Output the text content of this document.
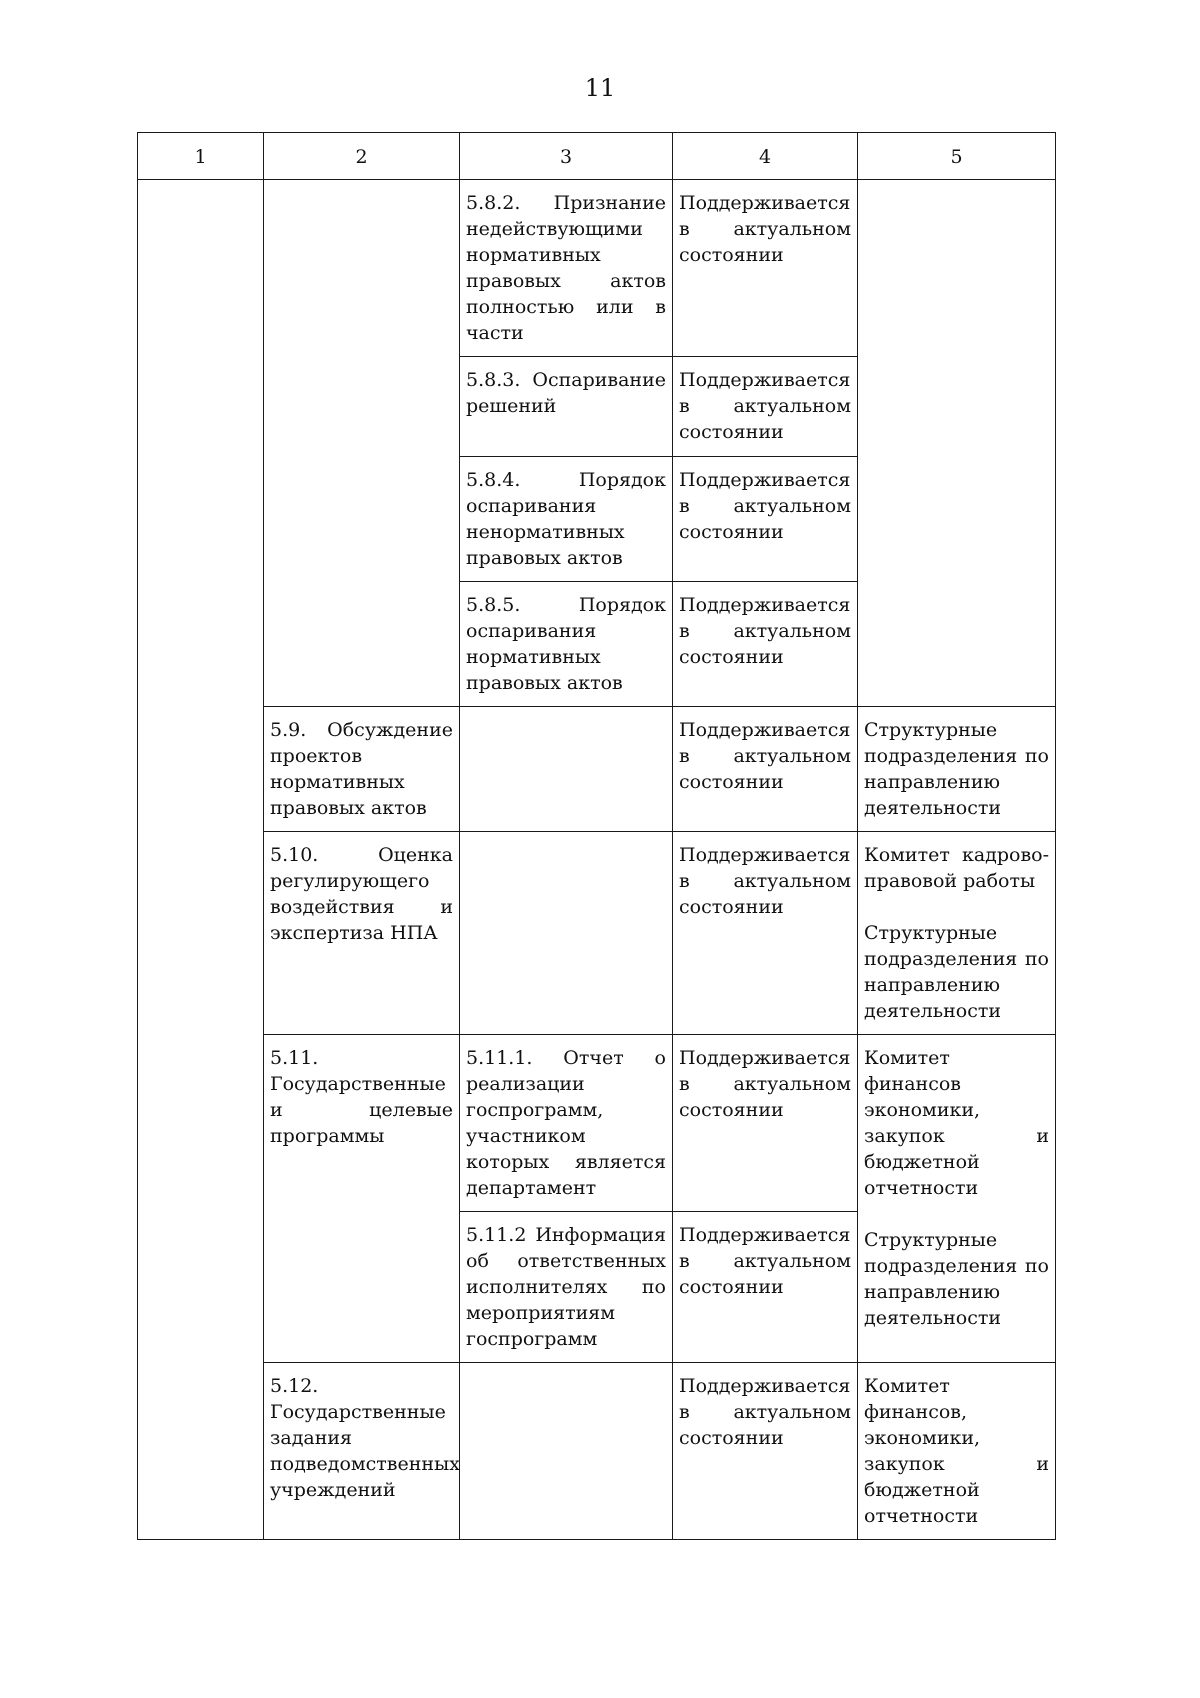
11
1	2	3	4	5
		5.8.2. Признание недействующими нормативных правовых актов полностью или в части	Поддерживается в актуальном состоянии	
		5.8.3. Оспаривание решений	Поддерживается в актуальном состоянии	
		5.8.4. Порядок оспаривания ненормативных правовых актов	Поддерживается в актуальном состоянии	
		5.8.5. Порядок оспаривания нормативных правовых актов	Поддерживается в актуальном состоянии	
	5.9. Обсуждение проектов нормативных правовых актов		Поддерживается в актуальном состоянии	Структурные подразделения по направлению деятельности
	5.10. Оценка регулирующего воздействия и экспертиза НПА		Поддерживается в актуальном состоянии	Комитет кадрово-правовой работы
Структурные подразделения по направлению деятельности

	5.11. Государственные и целевые программы	5.11.1. Отчет о реализации госпрограмм, участником которых является департамент	Поддерживается в актуальном состоянии	Комитет финансов экономики, закупок и бюджетной отчетности
Структурные подразделения по направлению деятельности

		5.11.2 Информация об ответственных исполнителях по мероприятиям госпрограмм	Поддерживается в актуальном состоянии	
	5.12. Государственные задания подведомственных учреждений		Поддерживается в актуальном состоянии	Комитет финансов, экономики, закупок и бюджетной отчетности
